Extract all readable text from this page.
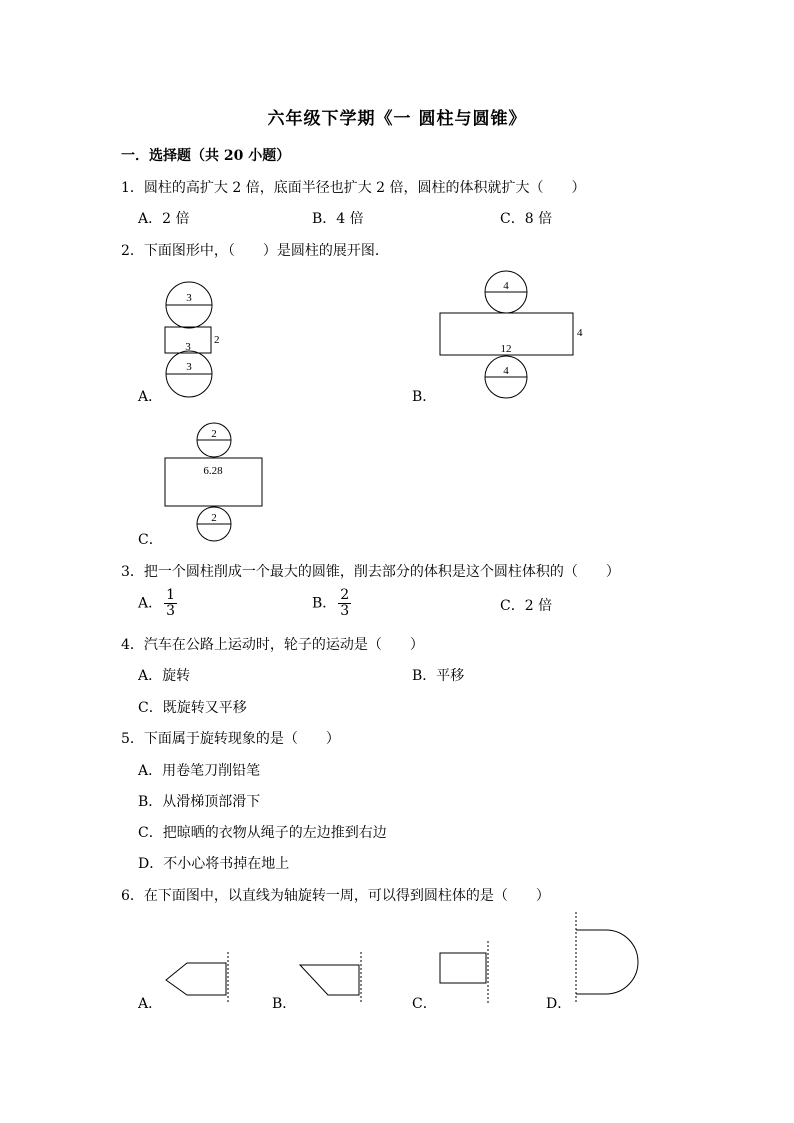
六年级下学期《一 圆柱与圆锥》
一．选择题（共 20 小题）
1．圆柱的高扩大 2 倍，底面半径也扩大 2 倍，圆柱的体积就扩大（　　）
A．2 倍	B．4 倍	C．8 倍
2．下面图形中，（　　）是圆柱的展开图．
3
3
2
3
4
12
4
4
2
6.28
2
A．	B．
C．
3．把一个圆柱削成一个最大的圆锥，削去部分的体积是这个圆柱体积的（　　）
A． $\frac{1}{3}$	B． $\frac{2}{3}$	C．2 倍
4．汽车在公路上运动时，轮子的运动是（　　）
A．旋转	B．平移
C．既旋转又平移
5．下面属于旋转现象的是（　　）
A．用卷笔刀削铅笔
B．从滑梯顶部滑下
C．把晾晒的衣物从绳子的左边推到右边
D．不小心将书掉在地上
6．在下面图中，以直线为轴旋转一周，可以得到圆柱体的是（　　）
A．	B．	C．	D．
